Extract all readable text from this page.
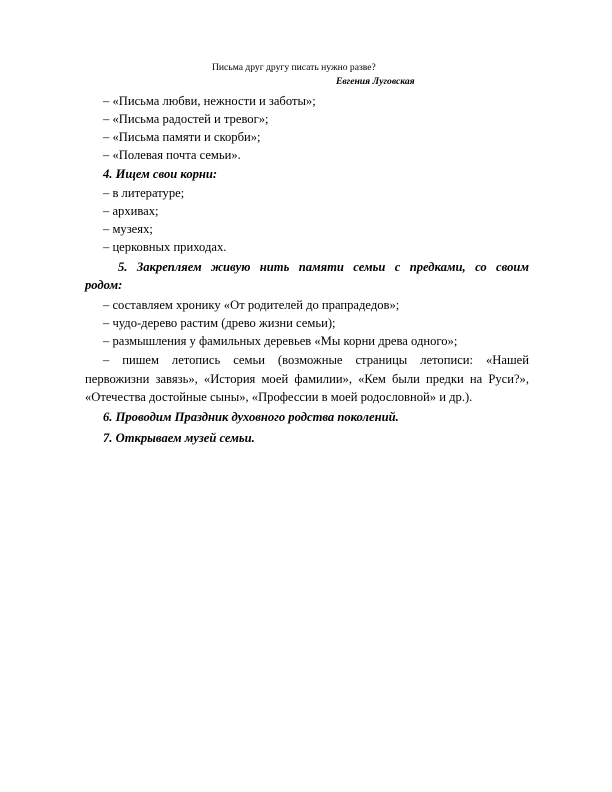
Письма друг другу писать нужно разве?
Евгения Луговская
– «Письма любви, нежности и заботы»;
– «Письма радостей и тревог»;
– «Письма памяти и скорби»;
– «Полевая почта семьи».
4. Ищем свои корни:
– в литературе;
– архивах;
– музеях;
– церковных приходах.
5. Закрепляем живую нить памяти семьи с предками, со своим
родом:
– составляем хронику «От родителей до прапрадедов»;
– чудо-дерево растим (древо жизни семьи);
– размышления у фамильных деревьев «Мы корни древа одного»;
– пишем летопись семьи (возможные страницы летописи: «Нашей
первожизни завязь», «История моей фамилии», «Кем были предки на Руси?»,
«Отечества достойные сыны», «Профессии в моей родословной» и др.).
6. Проводим Праздник духовного родства поколений.
7. Открываем музей семьи.
